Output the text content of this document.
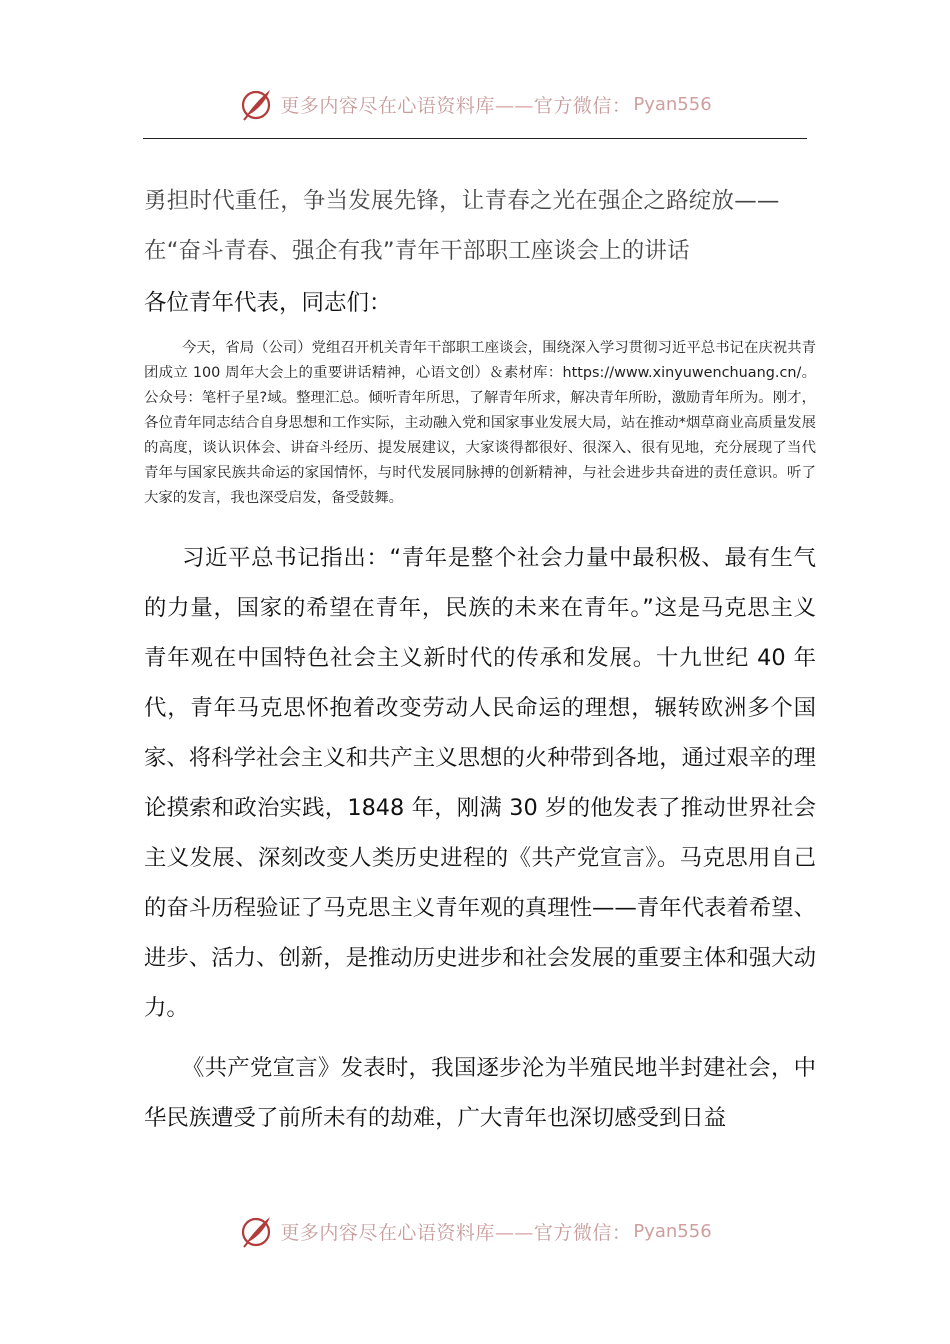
更多内容尽在心语资料库——官方微信： Pyan556

勇担时代重任，争当发展先锋，让青春之光在强企之路绽放——在“奋斗青春、强企有我”青年干部职工座谈会上的讲话

各位青年代表，同志们：

今天，省局（公司）党组召开机关青年干部职工座谈会，围绕深入学习贯彻习近平总书记在庆祝共青团成立 100 周年大会上的重要讲话精神，心语文创）＆素材库：https://www.xinyuwenchuang.cn/。公众号：笔杆子星?域。整理汇总。倾听青年所思，了解青年所求，解决青年所盼，激励青年所为。刚才，各位青年同志结合自身思想和工作实际，主动融入党和国家事业发展大局，站在推动*烟草商业高质量发展的高度，谈认识体会、讲奋斗经历、提发展建议，大家谈得都很好、很深入、很有见地，充分展现了当代青年与国家民族共命运的家国情怀，与时代发展同脉搏的创新精神，与社会进步共奋进的责任意识。听了大家的发言，我也深受启发，备受鼓舞。

习近平总书记指出：“青年是整个社会力量中最积极、最有生气的力量，国家的希望在青年，民族的未来在青年。”这是马克思主义青年观在中国特色社会主义新时代的传承和发展。十九世纪 40 年代，青年马克思怀抱着改变劳动人民命运的理想，辗转欧洲多个国家、将科学社会主义和共产主义思想的火种带到各地，通过艰辛的理论摸索和政治实践，1848 年，刚满 30 岁的他发表了推动世界社会主义发展、深刻改变人类历史进程的《共产党宣言》。马克思用自己的奋斗历程验证了马克思主义青年观的真理性——青年代表着希望、进步、活力、创新，是推动历史进步和社会发展的重要主体和强大动力。

《共产党宣言》发表时，我国逐步沦为半殖民地半封建社会，中华民族遭受了前所未有的劫难，广大青年也深切感受到日益

更多内容尽在心语资料库——官方微信： Pyan556
